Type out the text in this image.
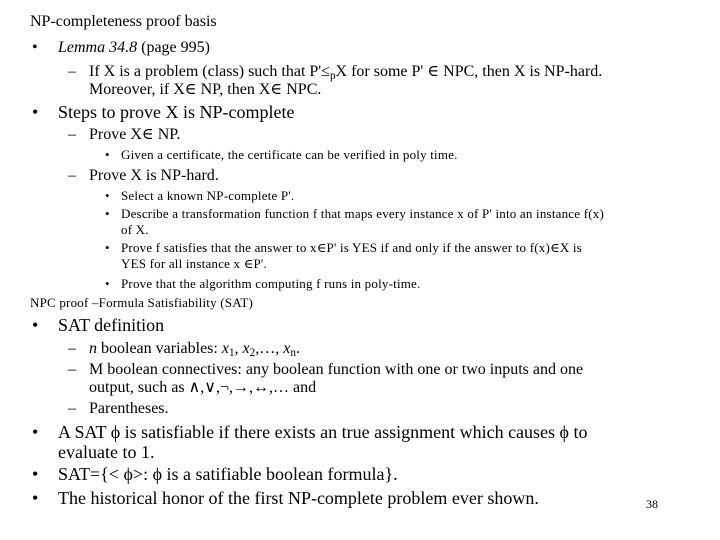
NP-completeness proof basis
• Lemma 34.8 (page 995)
– If X is a problem (class) such that $P'\le_pX$ for some P' ∈ NPC, then X is NP-hard.
Moreover, if X∈ NP, then X∈ NPC.
• Steps to prove X is NP-complete
– Prove X∈ NP.
• Given a certificate, the certificate can be verified in poly time.
– Prove X is NP-hard.
• Select a known NP-complete P'.
• Describe a transformation function f that maps every instance x of P' into an instance f(x)
of X.
• Prove f satisfies that the answer to x∈P' is YES if and only if the answer to f(x)∈X is
YES for all instance x ∈P'.
• Prove that the algorithm computing f runs in poly-time.
NPC proof –Formula Satisfiability (SAT)
• SAT definition
– n boolean variables: $x_1$, $x_2,\dots$, $x_n$.
– M boolean connectives: any boolean function with one or two inputs and one
output, such as ∧,∨,¬,→,↔,… and
– Parentheses.
• A SAT ϕ is satisfiable if there exists an true assignment which causes ϕ to
evaluate to 1.
• SAT={< ϕ>: ϕ is a satifiable boolean formula}.
• The historical honor of the first NP-complete problem ever shown.	38
